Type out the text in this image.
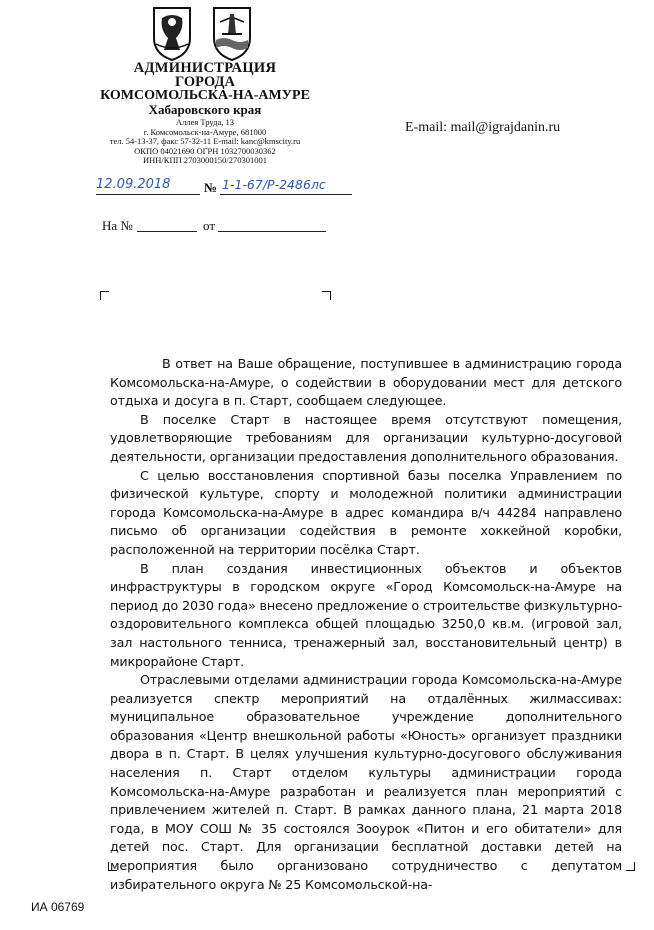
АДМИНИСТРАЦИЯ
ГОРОДА
КОМСОМОЛЬСКА-НА-АМУРЕ
Хабаровского края
Аллея Труда, 13
г. Комсомольск-на-Амуре, 681000
тел. 54-13-37, факс 57-32-11 E-mail: kanc@kmscity.ru
ОКПО 04021690 ОГРН 1032700030362
ИНН/КПП 2703000150/270301001
E-mail: mail@igrajdanin.ru
12.09.2018	№ 1-1-67/Р-2486лс
На №	от

В ответ на Ваше обращение, поступившее в администрацию города Комсомольска-на-Амуре, о содействии в оборудовании мест для детского отдыха и досуга в п. Старт, сообщаем следующее.

В поселке Старт в настоящее время отсутствуют помещения, удовлетворяющие требованиям для организации культурно-досуговой деятельности, организации предоставления дополнительного образования.

С целью восстановления спортивной базы поселка Управлением по физической культуре, спорту и молодежной политики администрации города Комсомольска-на-Амуре в адрес командира в/ч 44284 направлено письмо об организации содействия в ремонте хоккейной коробки, расположенной на территории посёлка Старт.

В план создания инвестиционных объектов и объектов инфраструктуры в городском округе «Город Комсомольск-на-Амуре на период до 2030 года» внесено предложение о строительстве физкультурно-оздоровительного комплекса общей площадью 3250,0 кв.м. (игровой зал, зал настольного тенниса, тренажерный зал, восстановительный центр) в микрорайоне Старт.

Отраслевыми отделами администрации города Комсомольска-на-Амуре реализуется спектр мероприятий на отдалённых жилмассивах: муниципальное образовательное учреждение дополнительного образования «Центр внешкольной работы «Юность» организует праздники двора в п. Старт. В целях улучшения культурно-досугового обслуживания населения п. Старт отделом культуры администрации города Комсомольска-на-Амуре разработан и реализуется план мероприятий с привлечением жителей п. Старт. В рамках данного плана, 21 марта 2018 года, в МОУ СОШ № 35 состоялся Зооурок «Питон и его обитатели» для детей пос. Старт. Для организации бесплатной доставки детей на мероприятия было организовано сотрудничество с депутатом избирательного округа № 25 Комсомольской-на-

ИА 06769
